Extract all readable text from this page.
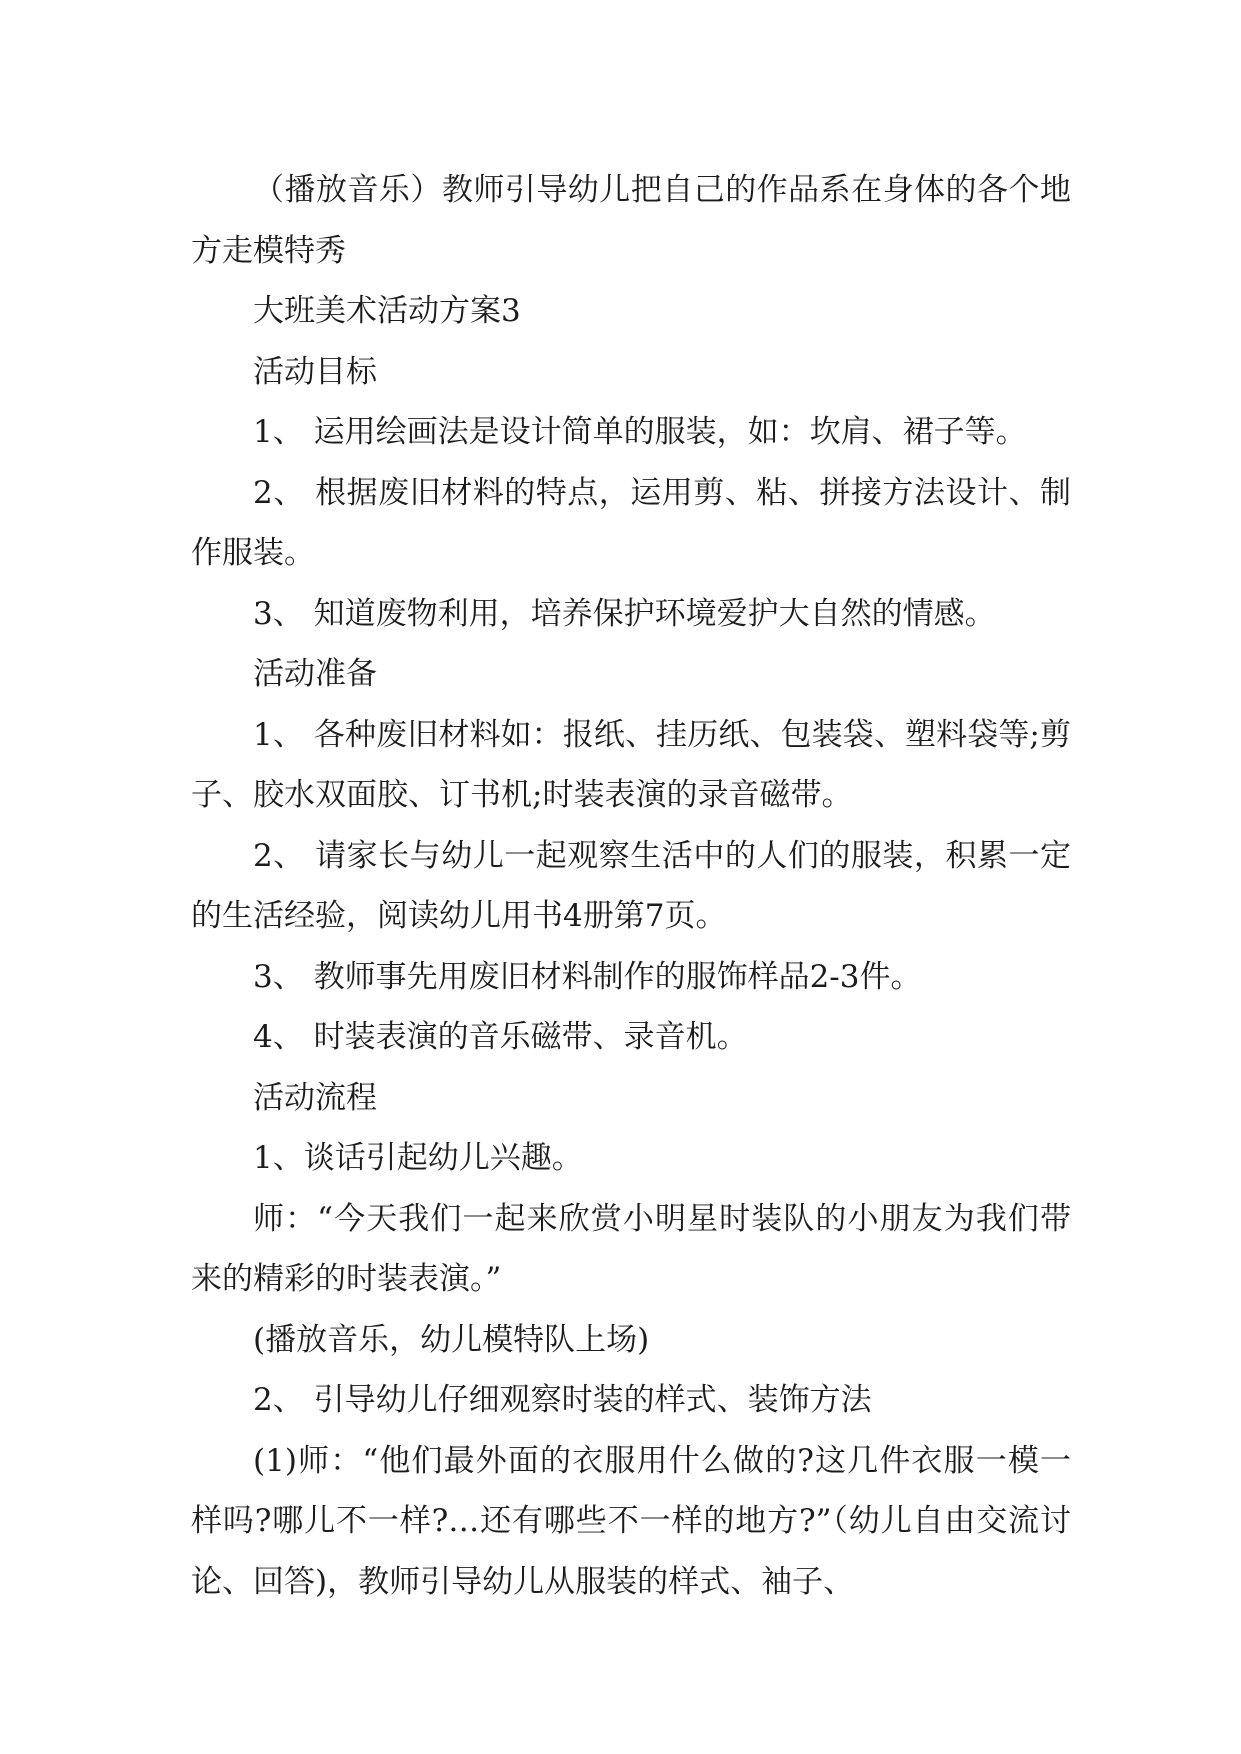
（播放音乐）教师引导幼儿把自己的作品系在身体的各个地方走模特秀

大班美术活动方案3

活动目标

1、 运用绘画法是设计简单的服装，如：坎肩、裙子等。

2、 根据废旧材料的特点，运用剪、粘、拼接方法设计、制作服装。

3、 知道废物利用，培养保护环境爱护大自然的情感。

活动准备

1、 各种废旧材料如：报纸、挂历纸、包装袋、塑料袋等;剪子、胶水双面胶、订书机;时装表演的录音磁带。

2、 请家长与幼儿一起观察生活中的人们的服装，积累一定的生活经验，阅读幼儿用书4册第7页。

3、 教师事先用废旧材料制作的服饰样品2-3件。

4、 时装表演的音乐磁带、录音机。

活动流程

1、谈话引起幼儿兴趣。

师：“今天我们一起来欣赏小明星时装队的小朋友为我们带来的精彩的时装表演。”

(播放音乐，幼儿模特队上场)

2、 引导幼儿仔细观察时装的样式、装饰方法

(1)师：“他们最外面的衣服用什么做的?这几件衣服一模一样吗?哪儿不一样?…还有哪些不一样的地方?”（幼儿自由交流讨论、回答)，教师引导幼儿从服装的样式、袖子、
